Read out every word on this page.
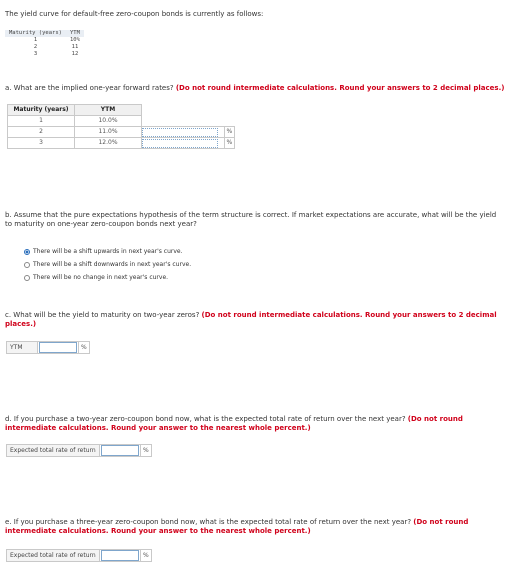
The yield curve for default-free zero-coupon bonds is currently as follows:
Maturity (years)	YTM
1	10%
2	11
3	12
a. What are the implied one-year forward rates? (Do not round intermediate calculations. Round your answers to 2 decimal places.)
Maturity (years)	YTM		
1	10.0%		
2	11.0%		%
3	12.0%		%
b. Assume that the pure expectations hypothesis of the term structure is correct. If market expectations are accurate, what will be the yield to maturity on one-year zero-coupon bonds next year?
There will be a shift upwards in next year's curve.
There will be a shift downwards in next year's curve.
There will be no change in next year's curve.
c. What will be the yield to maturity on two-year zeros? (Do not round intermediate calculations. Round your answers to 2 decimal places.)
YTM	%
d. If you purchase a two-year zero-coupon bond now, what is the expected total rate of return over the next year? (Do not round intermediate calculations. Round your answer to the nearest whole percent.)
Expected total rate of return	%
e. If you purchase a three-year zero-coupon bond now, what is the expected total rate of return over the next year? (Do not round intermediate calculations. Round your answer to the nearest whole percent.)
Expected total rate of return	%
